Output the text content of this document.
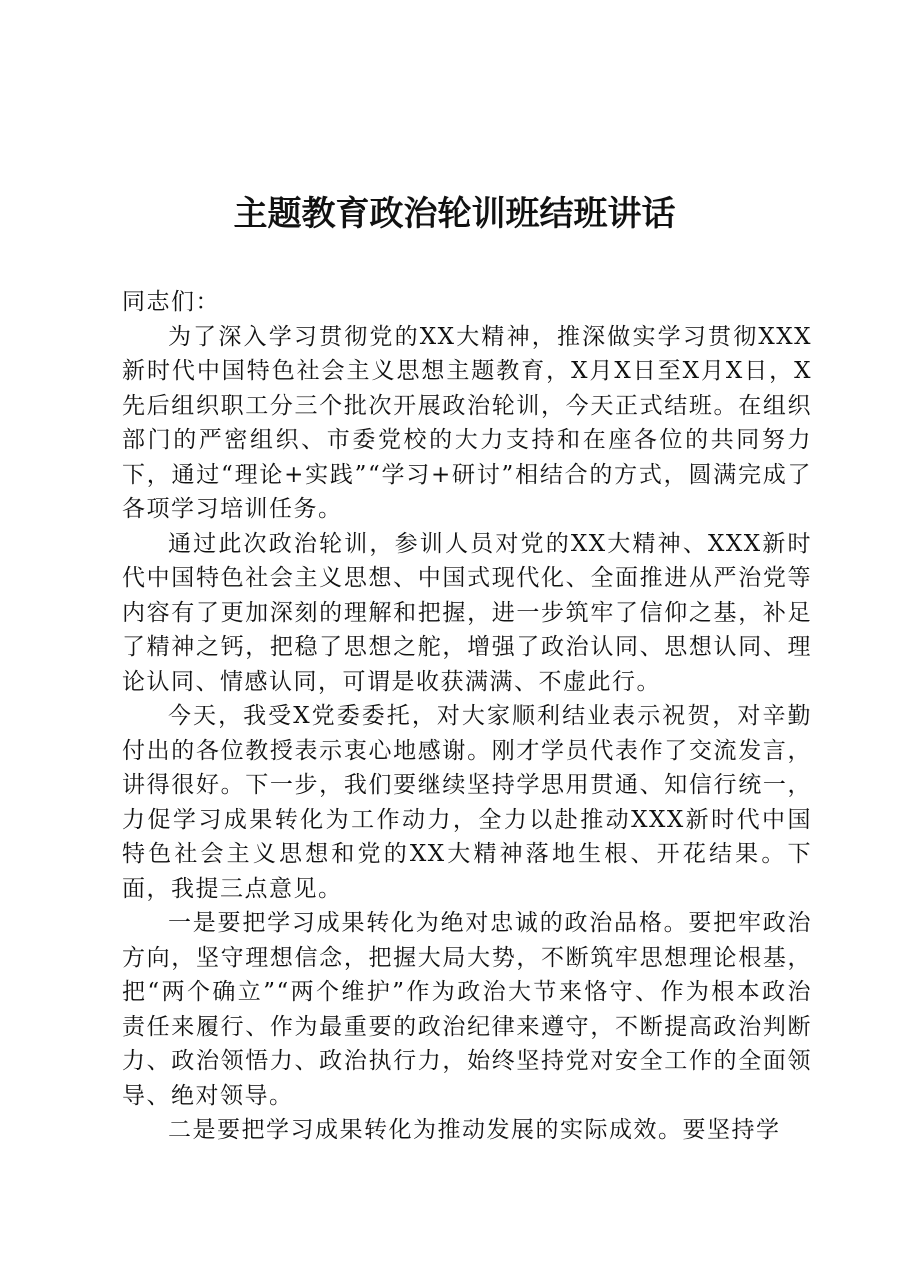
主题教育政治轮训班结班讲话

同志们：

为了深入学习贯彻党的XX大精神，推深做实学习贯彻XXX新时代中国特色社会主义思想主题教育，X月X日至X月X日，X先后组织职工分三个批次开展政治轮训，今天正式结班。在组织部门的严密组织、市委党校的大力支持和在座各位的共同努力下，通过“理论+实践”“学习+研讨”相结合的方式，圆满完成了各项学习培训任务。

通过此次政治轮训，参训人员对党的XX大精神、XXX新时代中国特色社会主义思想、中国式现代化、全面推进从严治党等内容有了更加深刻的理解和把握，进一步筑牢了信仰之基，补足了精神之钙，把稳了思想之舵，增强了政治认同、思想认同、理论认同、情感认同，可谓是收获满满、不虚此行。

今天，我受X党委委托，对大家顺利结业表示祝贺，对辛勤付出的各位教授表示衷心地感谢。刚才学员代表作了交流发言，讲得很好。下一步，我们要继续坚持学思用贯通、知信行统一，力促学习成果转化为工作动力，全力以赴推动XXX新时代中国特色社会主义思想和党的XX大精神落地生根、开花结果。下面，我提三点意见。

一是要把学习成果转化为绝对忠诚的政治品格。要把牢政治方向，坚守理想信念，把握大局大势，不断筑牢思想理论根基，把“两个确立”“两个维护”作为政治大节来恪守、作为根本政治责任来履行、作为最重要的政治纪律来遵守，不断提高政治判断力、政治领悟力、政治执行力，始终坚持党对安全工作的全面领导、绝对领导。

二是要把学习成果转化为推动发展的实际成效。要坚持学
